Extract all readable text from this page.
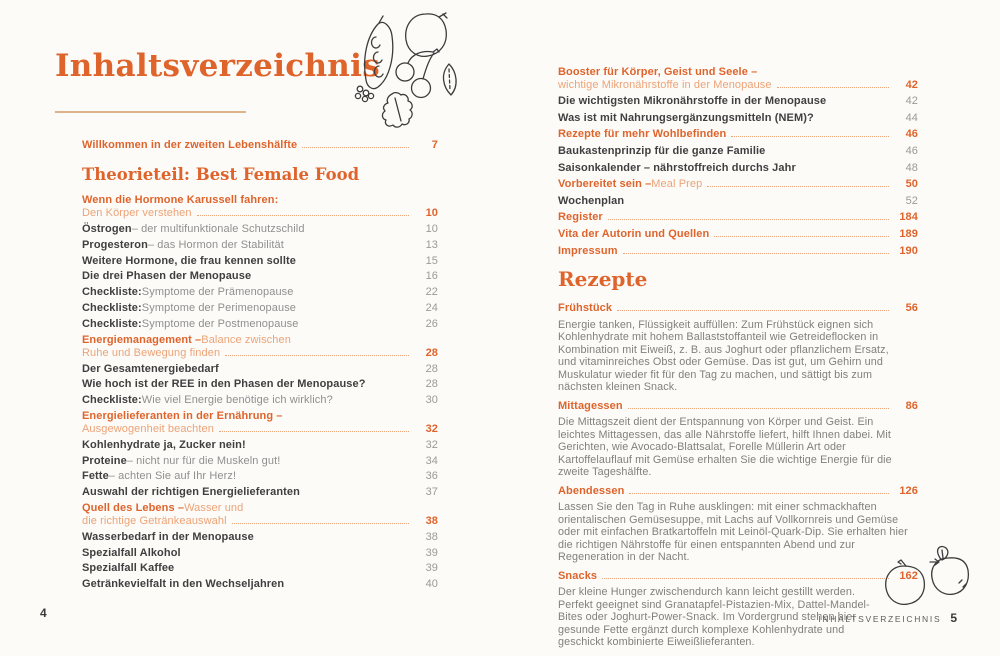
Inhaltsverzeichnis
Willkommen in der zweiten Lebenshälfte	7
Theorieteil: Best Female Food
Wenn die Hormone Karussell fahren:
Den Körper verstehen	10
Östrogen – der multifunktionale Schutzschild	10
Progesteron – das Hormon der Stabilität	13
Weitere Hormone, die frau kennen sollte	15
Die drei Phasen der Menopause	16
Checkliste: Symptome der Prämenopause	22
Checkliste: Symptome der Perimenopause	24
Checkliste: Symptome der Postmenopause	26
Energiemanagement – Balance zwischen
Ruhe und Bewegung finden	28
Der Gesamtenergiebedarf	28
Wie hoch ist der REE in den Phasen der Menopause?	28
Checkliste: Wie viel Energie benötige ich wirklich?	30
Energielieferanten in der Ernährung –
Ausgewogenheit beachten	32
Kohlenhydrate ja, Zucker nein!	32
Proteine – nicht nur für die Muskeln gut!	34
Fette – achten Sie auf Ihr Herz!	36
Auswahl der richtigen Energielieferanten	37
Quell des Lebens – Wasser und
die richtige Getränkeauswahl	38
Wasserbedarf in der Menopause	38
Spezialfall Alkohol	39
Spezialfall Kaffee	39
Getränkevielfalt in den Wechseljahren	40
Booster für Körper, Geist und Seele –
wichtige Mikronährstoffe in der Menopause	42
Die wichtigsten Mikronährstoffe in der Menopause	42
Was ist mit Nahrungsergänzungsmitteln (NEM)?	44
Rezepte für mehr Wohlbefinden	46
Baukastenprinzip für die ganze Familie	46
Saisonkalender – nährstoffreich durchs Jahr	48
Vorbereitet sein – Meal Prep	50
Wochenplan	52
Register	184
Vita der Autorin und Quellen	189
Impressum	190
Rezepte
Frühstück	56

Energie tanken, Flüssigkeit auffüllen: Zum Frühstück eignen sich Kohlenhydrate mit hohem Ballaststoffanteil wie Getreideflocken in Kombination mit Eiweiß, z. B. aus Joghurt oder pflanzlichem Ersatz, und vitaminreiches Obst oder Gemüse. Das ist gut, um Gehirn und Muskulatur wieder fit für den Tag zu machen, und sättigt bis zum nächsten kleinen Snack.

Mittagessen	86

Die Mittagszeit dient der Entspannung von Körper und Geist. Ein leichtes Mittagessen, das alle Nährstoffe liefert, hilft Ihnen dabei. Mit Gerichten, wie Avocado-Blattsalat, Forelle Müllerin Art oder Kartoffelauflauf mit Gemüse erhalten Sie die wichtige Energie für die zweite Tageshälfte.

Abendessen	126

Lassen Sie den Tag in Ruhe ausklingen: mit einer schmackhaften orientalischen Gemüsesuppe, mit Lachs auf Vollkornreis und Gemüse oder mit einfachen Bratkartoffeln mit Leinöl-Quark-Dip. Sie erhalten hier die richtigen Nährstoffe für einen entspannten Abend und zur Regeneration in der Nacht.

Snacks	162

Der kleine Hunger zwischendurch kann leicht gestillt werden. Perfekt geeignet sind Granatapfel-Pistazien-Mix, Dattel-Mandel-Bites oder Joghurt-Power-Snack. Im Vordergrund stehen hier gesunde Fette ergänzt durch komplexe Kohlenhydrate und geschickt kombinierte Eiweißlieferanten.

4	INHALTSVERZEICHNIS 5
